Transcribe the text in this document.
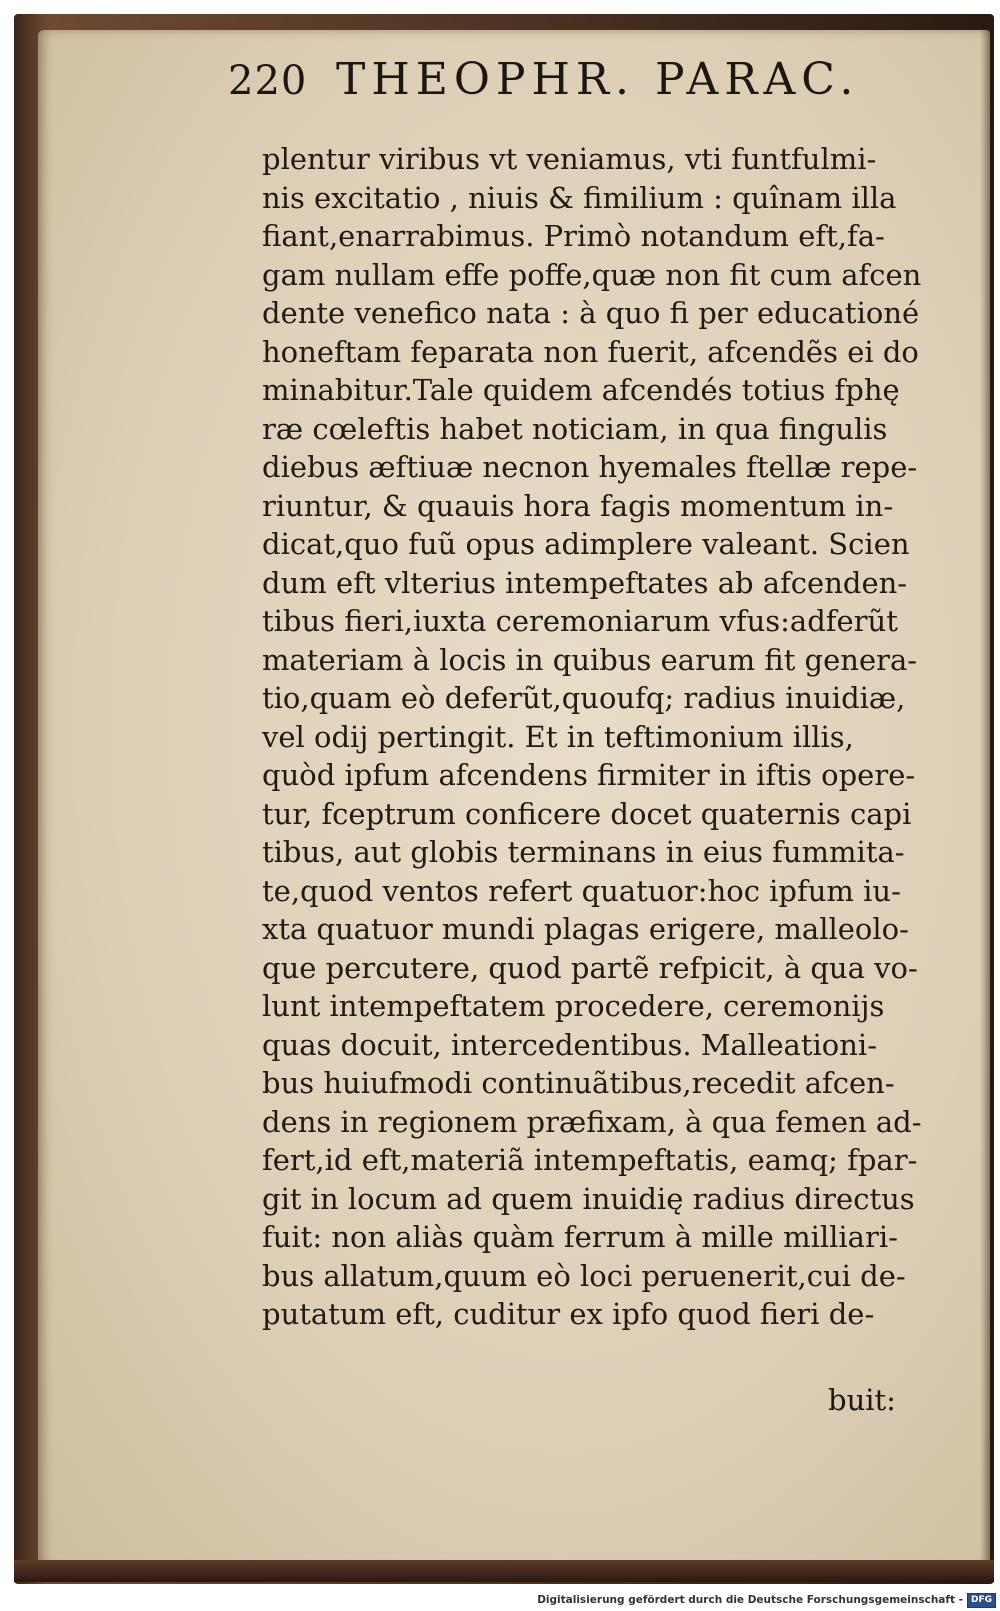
220 THEOPHR. PARAC.
plentur viribus vt veniamus, vti funtfulmi-
nis excitatio , niuis & fimilium : quînam illa
fiant,enarrabimus. Primò notandum eft,fa-
gam nullam effe poffe,quæ non fit cum afcen
dente venefico nata : à quo fi per educationé
honeftam feparata non fuerit, afcendẽs ei do
minabitur.Tale quidem afcendés totius fphę
ræ cœleftis habet noticiam, in qua fingulis
diebus æftiuæ necnon hyemales ftellæ repe-
riuntur, & quauis hora fagis momentum in-
dicat,quo fuũ opus adimplere valeant. Scien
dum eft vlterius intempeftates ab afcenden-
tibus fieri,iuxta ceremoniarum vfus:adferũt
materiam à locis in quibus earum fit genera-
tio,quam eò deferũt,quoufq; radius inuidiæ,
vel odij pertingit. Et in teftimonium illis,
quòd ipfum afcendens firmiter in iftis opere-
tur, fceptrum conficere docet quaternis capi
tibus, aut globis terminans in eius fummita-
te,quod ventos refert quatuor:hoc ipfum iu-
xta quatuor mundi plagas erigere, malleolo-
que percutere, quod partẽ refpicit, à qua vo-
lunt intempeftatem procedere, ceremonijs
quas docuit, intercedentibus. Malleationi-
bus huiufmodi continuãtibus,recedit afcen-
dens in regionem præfixam, à qua femen ad-
fert,id eft,materiã intempeftatis, eamq; fpar-
git in locum ad quem inuidię radius directus
fuit: non aliàs quàm ferrum à mille milliari-
bus allatum,quum eò loci peruenerit,cui de-
putatum eft, cuditur ex ipfo quod fieri de-
buit:
Digitalisierung gefördert durch die Deutsche Forschungsgemeinschaft - DFG
